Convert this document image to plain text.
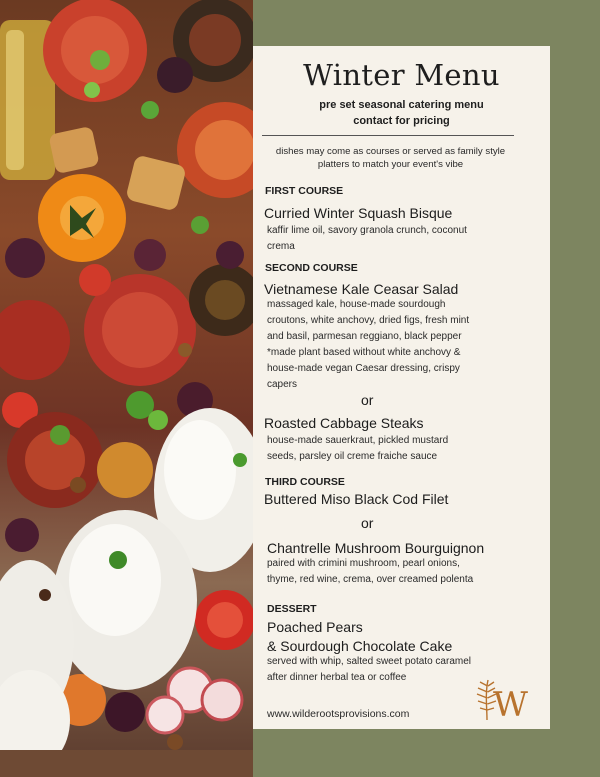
Winter Menu
pre set seasonal catering menu
contact for pricing
dishes may come as courses or served as family style
platters to match your event's vibe
FIRST COURSE
Curried Winter Squash Bisque
kaffir lime oil, savory granola crunch, coconut
crema
SECOND COURSE
Vietnamese Kale Ceasar Salad
massaged kale, house-made sourdough
croutons, white anchovy, dried figs, fresh mint
and basil, parmesan reggiano, black pepper
*made plant based without white anchovy &
house-made vegan Caesar dressing, crispy
capers
or
Roasted Cabbage Steaks
house-made sauerkraut, pickled mustard
seeds, parsley oil creme fraiche sauce
THIRD COURSE
Buttered Miso Black Cod Filet
or
Chantrelle Mushroom Bourguignon
paired with crimini mushroom, pearl onions,
thyme, red wine, crema, over creamed polenta
DESSERT
Poached Pears
& Sourdough Chocolate Cake
served with whip, salted sweet potato caramel
after dinner herbal tea or coffee
www.wilderootsprovisions.com W
